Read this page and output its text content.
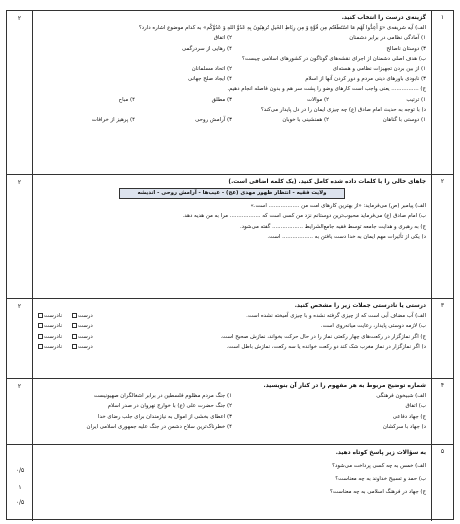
۱
گزینه‌ی درست را انتخاب کنید.
الف) آیه شریفه‌ی «وَ أَعِدُّوا لَهُم مَا اسْتَطَعْتُم مِن قُوَّةٍ وَ مِن رِبَاطِ الخَیلِ تُرهِبُونَ بِهِ عَدُوَّ اللهِ وَ عَدُوَّکُم» به کدام موضوع اشاره دارد؟
۱) آمادگی نظامی در برابر دشمنان
۲) اتفاق
۳) دوستان ناصالح
۴) رهایی از سردرگمی
ب) هدف اصلی دشمنان از اجرای نقشه‌های گوناگون در کشورهای اسلامی چیست؟
۱) از بین بردن تجهیزات نظامی و هسته‌ای
۲) اتحاد مسلمانان
۳) نابودی باورهای دینی مردم و دور کردن آنها از اسلام
۴) ایجاد صلح جهانی
ج) ................ یعنی واجب است کارهای وضو را پشت سر هم و بدون فاصله انجام دهیم.
۱) ترتیب
۲) موالات
۳) مطلق
۴) مباح
د) با توجه به حدیث امام صادق (ع) چه چیزی ایمان را در دل پایدار می‌کند؟
۱) دوستی با گناهان
۲) همنشینی با خوبان
۳) آرامش روحی
۴) پرهیز از خرافات
۲
۲
جاهای خالی را با کلمات داده شده کامل کنید. (یک کلمه اضافی است.)
ولایت فقیه - انتظار ظهور مهدی (عج) - عیب‌ها - آرامش روحی - اندیشه
الف) پیامبر (ص) می‌فرماید: «از بهترین کارهای امت من .................. است.»
ب) امام صادق (ع) می‌فرماید محبوب‌ترین دوستانم نزد من کسی است که .................. مرا به من هدیه دهد.
ج) به رهبری و هدایت جامعه توسط فقیه جامع‌الشرایط .................. گفته می‌شود.
د) یکی از تأثیرات مهم ایمان به خدا دست یافتن به .................. است.
۲
۳
درستی یا نادرستی جملات زیر را مشخص کنید.
الف) آب مضاف آبی است که از چیزی گرفته نشده و با چیزی آمیخته نشده است.
درست
نادرست
ب) لازمه دوستی پایدار، رعایت میانه‌روی است.
درست
نادرست
ج) اگر نمازگزار در رکعت‌های چهار رکعتی نماز را در حال حرکت بخواند، نمازش صحیح است.
درست
نادرست
د) اگر نمازگزار در نماز مغرب شک کند دو رکعت خوانده یا سه رکعت، نمازش باطل است.
درست
نادرست
۲
۴
شماره توضیح مربوط به هر مفهوم را در کنار آن بنویسید.
الف) شبیخون فرهنگی
ب) اتفاق
ج) جهاد دفاعی
د) جهاد با سرکشان
۱) جنگ مردم مظلوم فلسطین در برابر اشغالگران صهیونیست
۲) جنگ حضرت علی (ع) با خوارج نهروان در صدر اسلام
۳) اعطای بخشی از اموال به نیازمندان برای جلب رضای خدا
۴) خطرناک‌ترین سلاح دشمن در جنگ علیه جمهوری اسلامی ایران
۲
۵
به سؤالات زیر پاسخ کوتاه دهید.
الف) خمس به چه کسی پرداخت می‌شود؟
ب) حمد و تسبیح خداوند به چه معناست؟
ج) جهاد در فرهنگ اسلامی به چه معناست؟
۰/۵
۱
۰/۵
